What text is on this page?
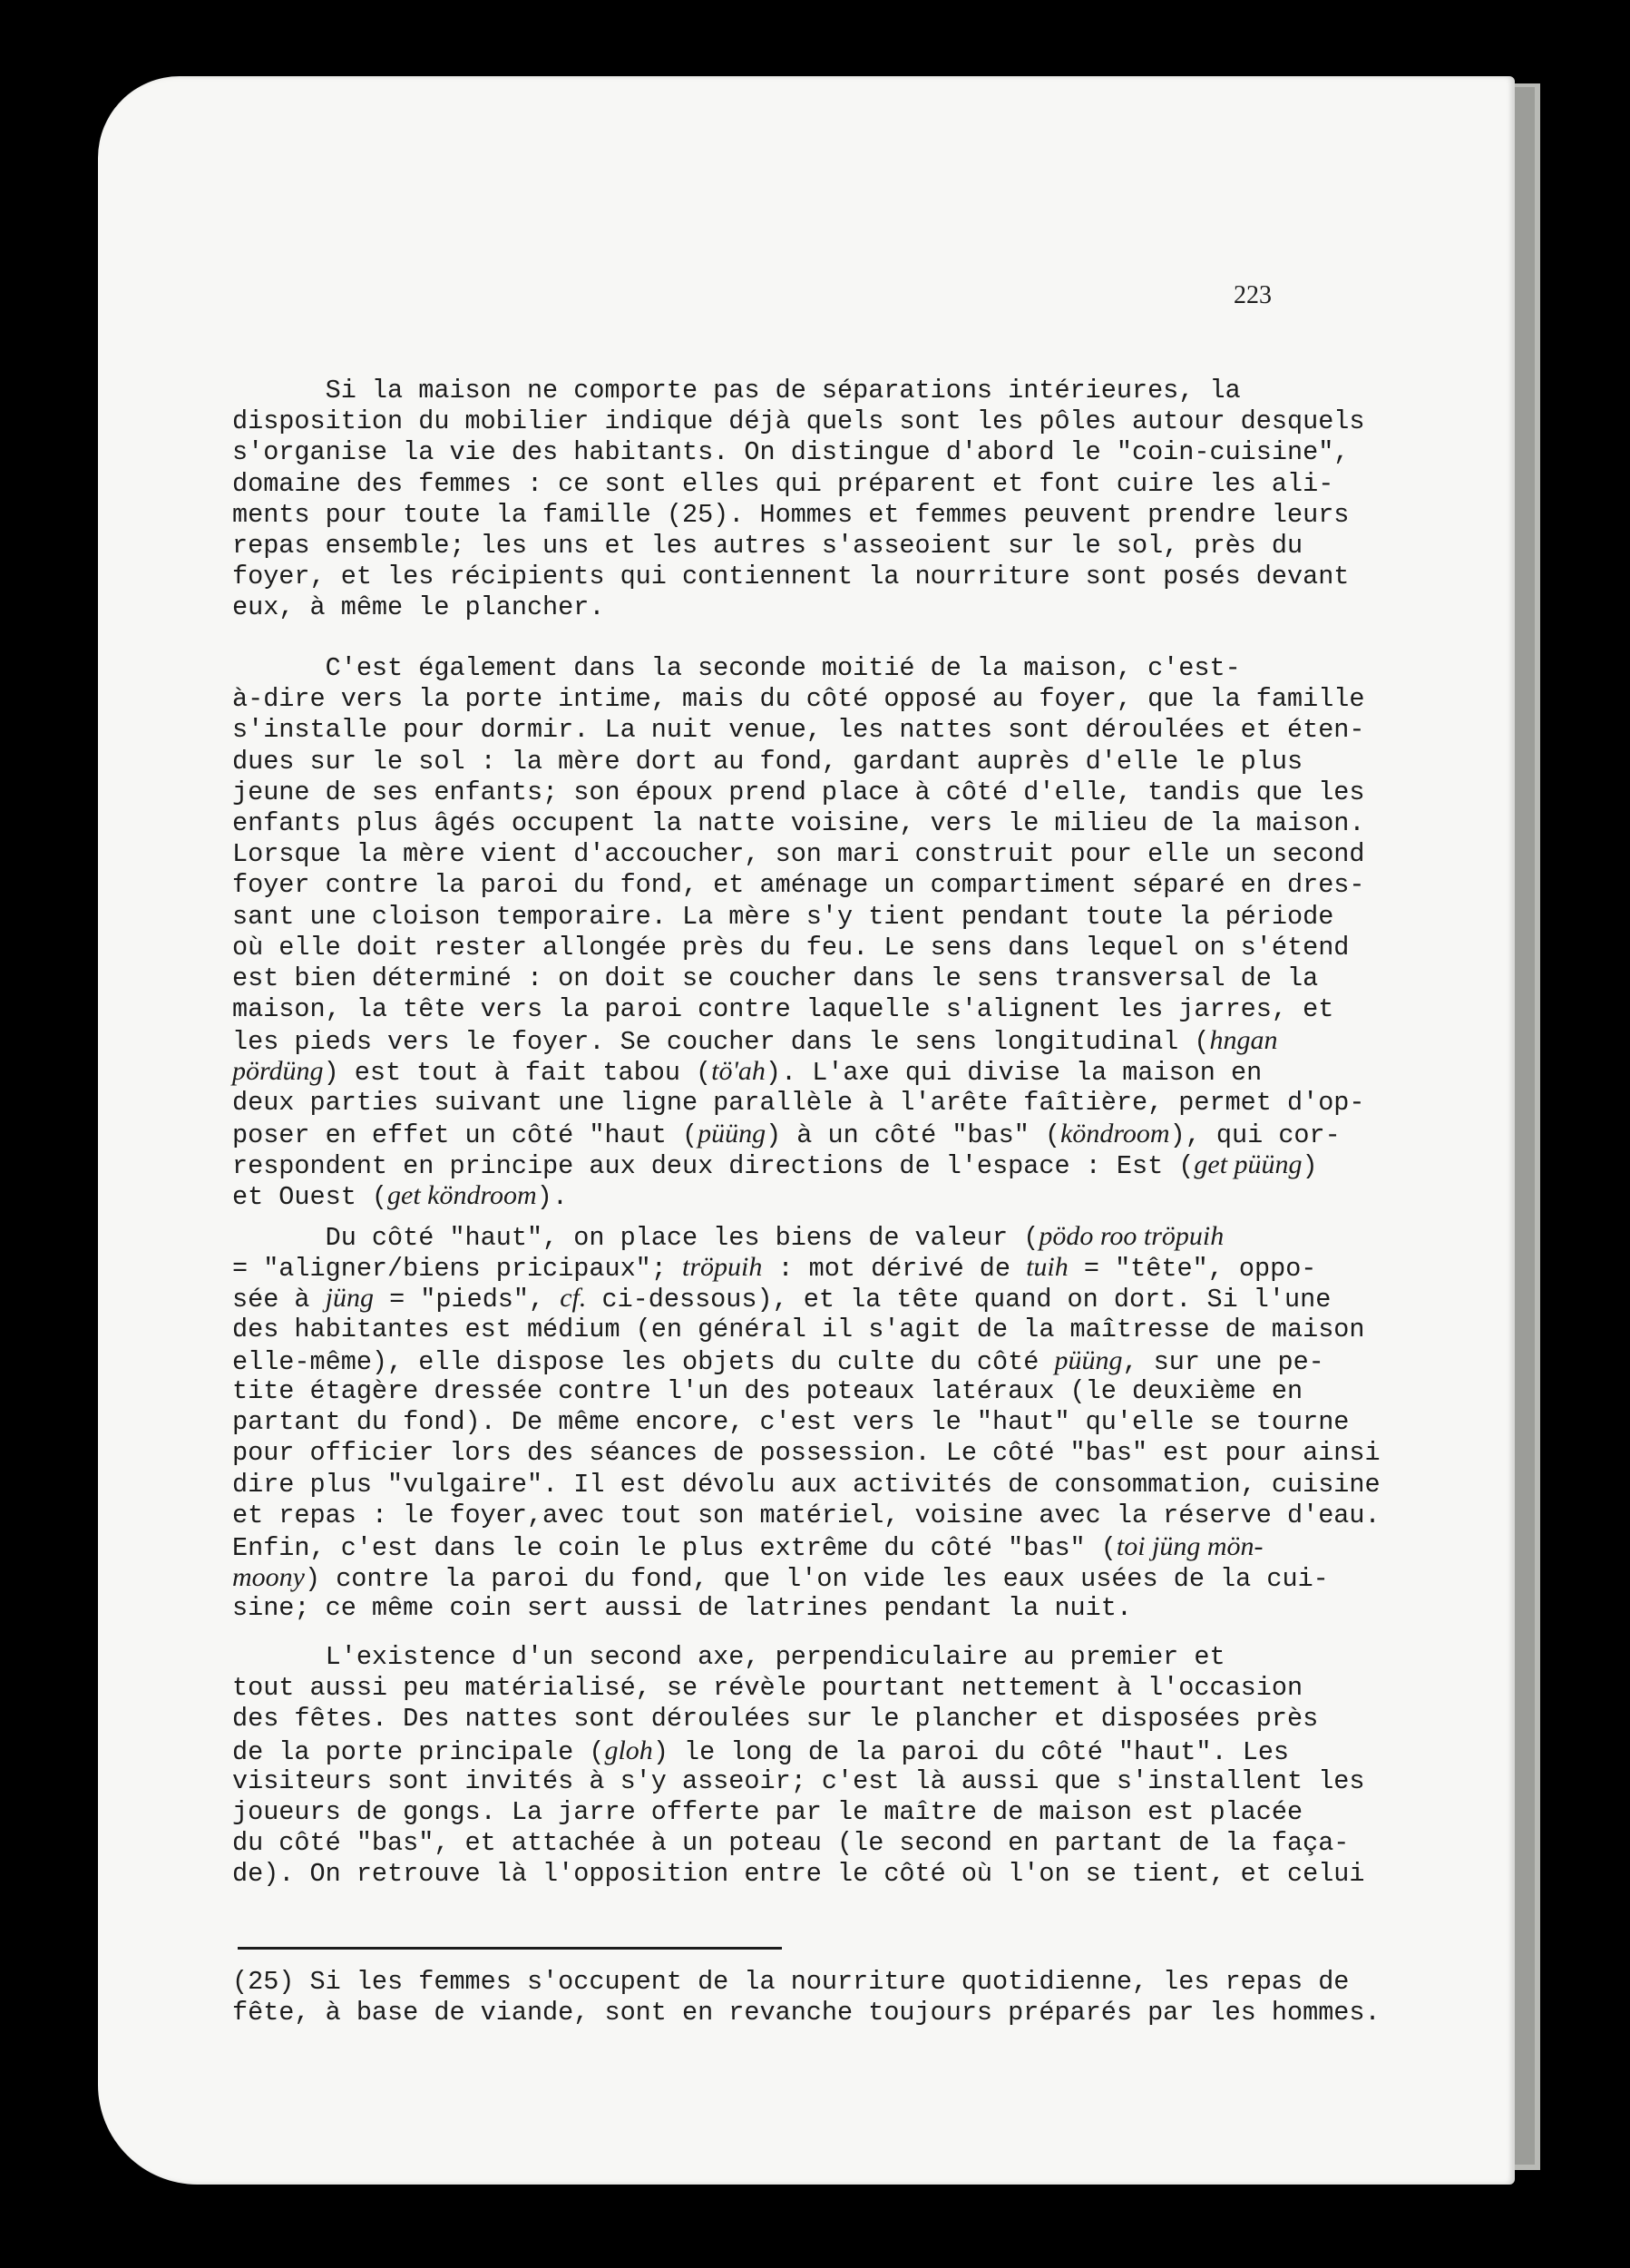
223
Si la maison ne comporte pas de séparations intérieures, la
disposition du mobilier indique déjà quels sont les pôles autour desquels
s'organise la vie des habitants. On distingue d'abord le "coin-cuisine",
domaine des femmes : ce sont elles qui préparent et font cuire les ali-
ments pour toute la famille (25). Hommes et femmes peuvent prendre leurs
repas ensemble; les uns et les autres s'asseoient sur le sol, près du
foyer, et les récipients qui contiennent la nourriture sont posés devant
eux, à même le plancher.
C'est également dans la seconde moitié de la maison, c'est-
à-dire vers la porte intime, mais du côté opposé au foyer, que la famille
s'installe pour dormir. La nuit venue, les nattes sont déroulées et éten-
dues sur le sol : la mère dort au fond, gardant auprès d'elle le plus
jeune de ses enfants; son époux prend place à côté d'elle, tandis que les
enfants plus âgés occupent la natte voisine, vers le milieu de la maison.
Lorsque la mère vient d'accoucher, son mari construit pour elle un second
foyer contre la paroi du fond, et aménage un compartiment séparé en dres-
sant une cloison temporaire. La mère s'y tient pendant toute la période
où elle doit rester allongée près du feu. Le sens dans lequel on s'étend
est bien déterminé : on doit se coucher dans le sens transversal de la
maison, la tête vers la paroi contre laquelle s'alignent les jarres, et
les pieds vers le foyer. Se coucher dans le sens longitudinal (hngan
pördüng) est tout à fait tabou (tö'ah). L'axe qui divise la maison en
deux parties suivant une ligne parallèle à l'arête faîtière, permet d'op-
poser en effet un côté "haut (püüng) à un côté "bas" (köndroom), qui cor-
respondent en principe aux deux directions de l'espace : Est (get püüng)
et Ouest (get köndroom).
Du côté "haut", on place les biens de valeur (pödo roo tröpuih
= "aligner/biens pricipaux"; tröpuih : mot dérivé de tuih = "tête", oppo-
sée à jüng = "pieds", cf. ci-dessous), et la tête quand on dort. Si l'une
des habitantes est médium (en général il s'agit de la maîtresse de maison
elle-même), elle dispose les objets du culte du côté püüng, sur une pe-
tite étagère dressée contre l'un des poteaux latéraux (le deuxième en
partant du fond). De même encore, c'est vers le "haut" qu'elle se tourne
pour officier lors des séances de possession. Le côté "bas" est pour ainsi
dire plus "vulgaire". Il est dévolu aux activités de consommation, cuisine
et repas : le foyer,avec tout son matériel, voisine avec la réserve d'eau.
Enfin, c'est dans le coin le plus extrême du côté "bas" (toi jüng mön-
moony) contre la paroi du fond, que l'on vide les eaux usées de la cui-
sine; ce même coin sert aussi de latrines pendant la nuit.
L'existence d'un second axe, perpendiculaire au premier et
tout aussi peu matérialisé, se révèle pourtant nettement à l'occasion
des fêtes. Des nattes sont déroulées sur le plancher et disposées près
de la porte principale (gloh) le long de la paroi du côté "haut". Les
visiteurs sont invités à s'y asseoir; c'est là aussi que s'installent les
joueurs de gongs. La jarre offerte par le maître de maison est placée
du côté "bas", et attachée à un poteau (le second en partant de la faça-
de). On retrouve là l'opposition entre le côté où l'on se tient, et celui
(25) Si les femmes s'occupent de la nourriture quotidienne, les repas de
fête, à base de viande, sont en revanche toujours préparés par les hommes.
